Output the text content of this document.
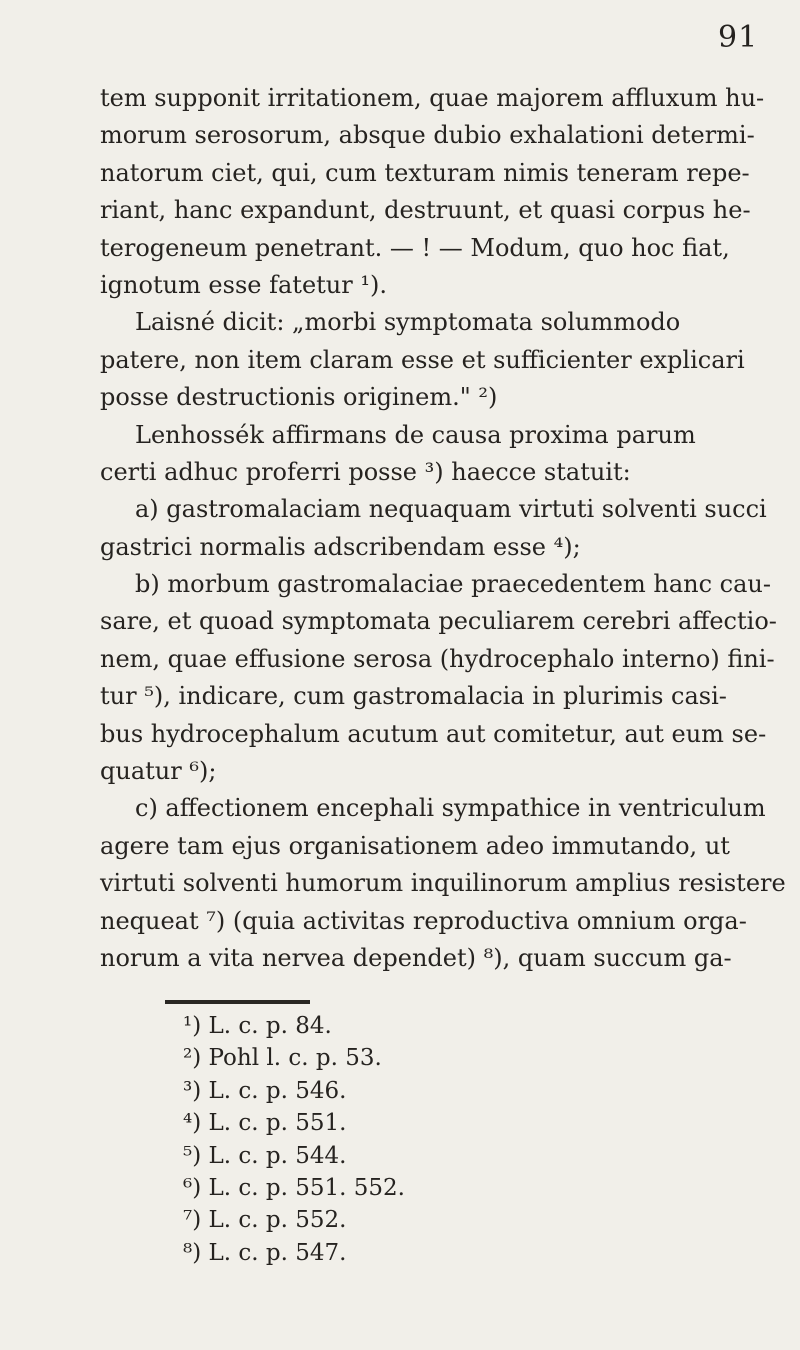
91
tem supponit irritationem, quae majorem affluxum hu-
morum serosorum, absque dubio exhalationi determi-
natorum ciet, qui, cum texturam nimis teneram repe-
riant, hanc expandunt, destruunt, et quasi corpus he-
terogeneum penetrant. — ! — Modum, quo hoc fiat,
ignotum esse fatetur ¹).
Laisné dicit: „morbi symptomata solummodo
patere, non item claram esse et sufficienter explicari
posse destructionis originem." ²)
Lenhossék affirmans de causa proxima parum
certi adhuc proferri posse ³) haecce statuit:
a) gastromalaciam nequaquam virtuti solventi succi
gastrici normalis adscribendam esse ⁴);
b) morbum gastromalaciae praecedentem hanc cau-
sare, et quoad symptomata peculiarem cerebri affectio-
nem, quae effusione serosa (hydrocephalo interno) fini-
tur ⁵), indicare, cum gastromalacia in plurimis casi-
bus hydrocephalum acutum aut comitetur, aut eum se-
quatur ⁶);
c) affectionem encephali sympathice in ventriculum
agere tam ejus organisationem adeo immutando, ut
virtuti solventi humorum inquilinorum amplius resistere
nequeat ⁷) (quia activitas reproductiva omnium orga-
norum a vita nervea dependet) ⁸), quam succum ga-
¹) L. c. p. 84.
²) Pohl l. c. p. 53.
³) L. c. p. 546.
⁴) L. c. p. 551.
⁵) L. c. p. 544.
⁶) L. c. p. 551. 552.
⁷) L. c. p. 552.
⁸) L. c. p. 547.
